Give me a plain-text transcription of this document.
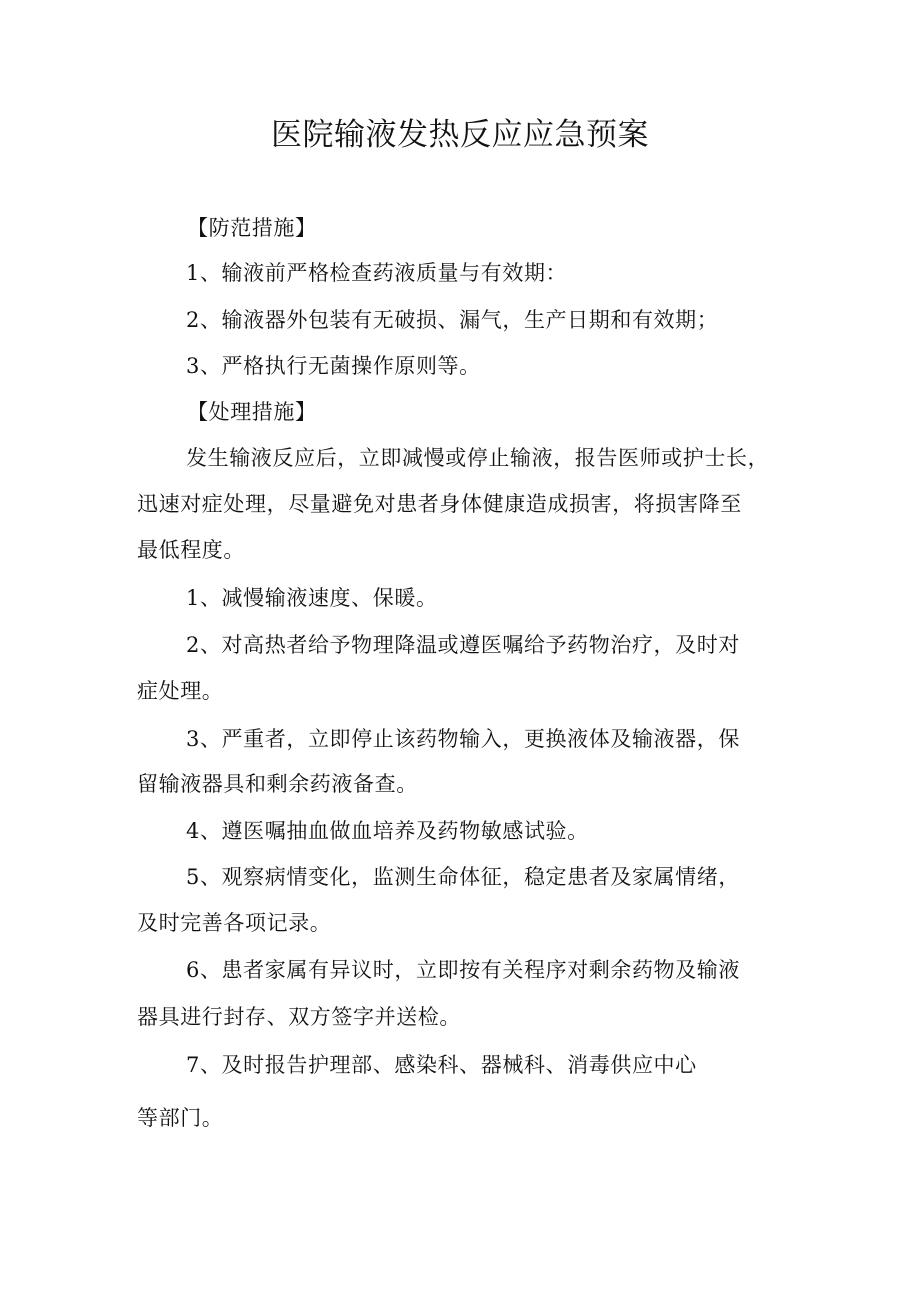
医院输液发热反应应急预案
【防范措施】
1、输液前严格检查药液质量与有效期：
2、输液器外包装有无破损、漏气，生产日期和有效期；
3、严格执行无菌操作原则等。
【处理措施】
发生输液反应后，立即减慢或停止输液，报告医师或护士长，
迅速对症处理，尽量避免对患者身体健康造成损害，将损害降至
最低程度。
1、减慢输液速度、保暖。
2、对高热者给予物理降温或遵医嘱给予药物治疗，及时对
症处理。
3、严重者，立即停止该药物输入，更换液体及输液器，保
留输液器具和剩余药液备查。
4、遵医嘱抽血做血培养及药物敏感试验。
5、观察病情变化，监测生命体征，稳定患者及家属情绪，
及时完善各项记录。
6、患者家属有异议时，立即按有关程序对剩余药物及输液
器具进行封存、双方签字并送检。
7、及时报告护理部、感染科、器械科、消毒供应中心
等部门。
